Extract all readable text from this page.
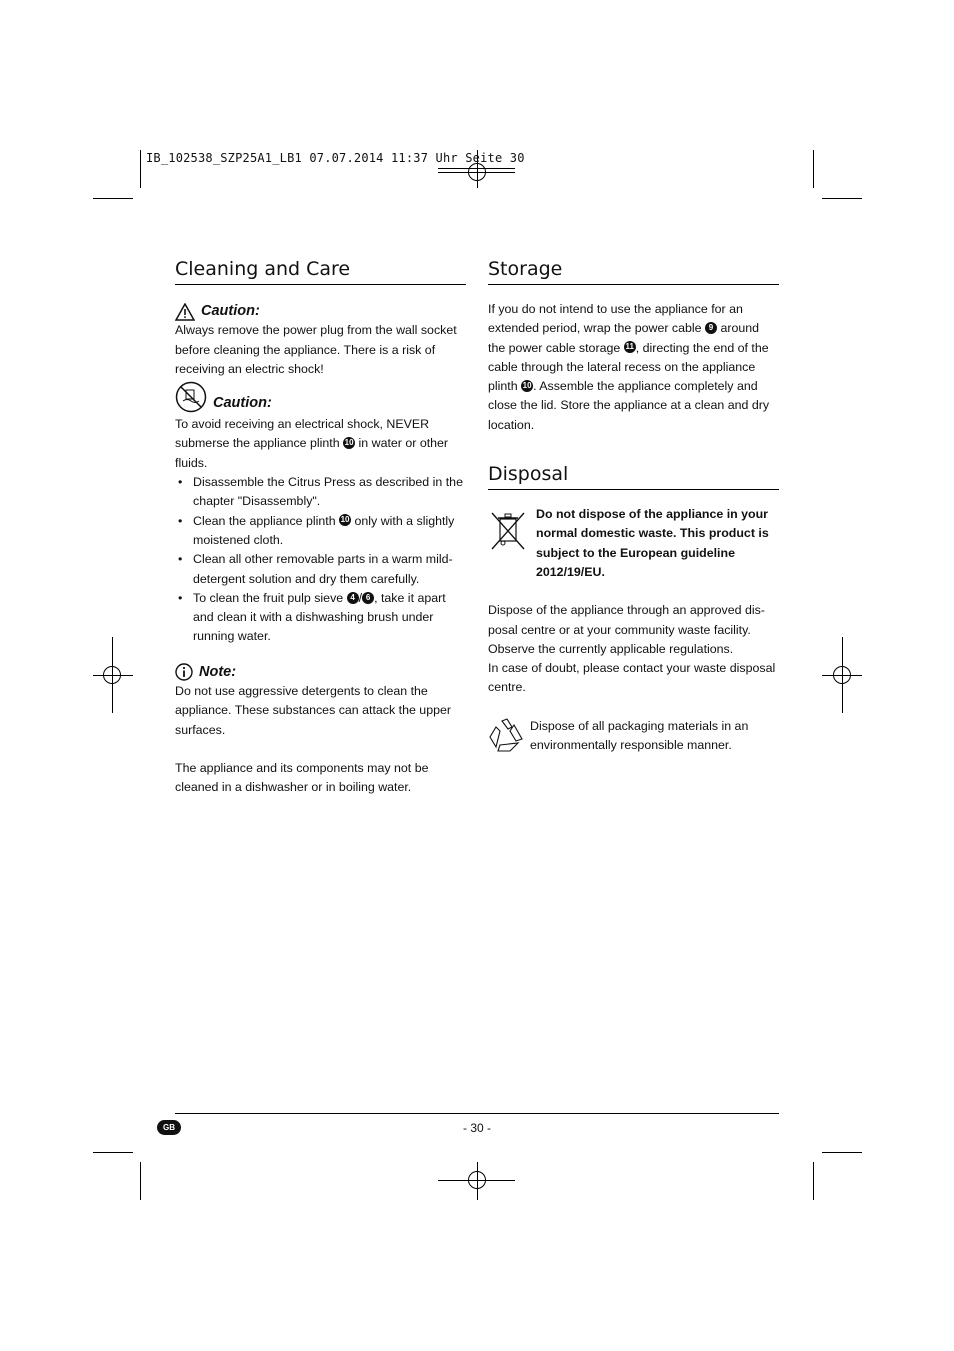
IB_102538_SZP25A1_LB1 07.07.2014 11:37 Uhr Seite 30
Cleaning and Care
Caution:

Always remove the power plug from the wall socket before cleaning the appliance. There is a risk of receiving an electric shock!

Caution:

To avoid receiving an electrical shock, NEVER submerse the appliance plinth 10 in water or other fluids.

• Disassemble the Citrus Press as described in the chapter "Disassembly".
• Clean the appliance plinth 10 only with a slightly moistened cloth.
• Clean all other removable parts in a warm mild-detergent solution and dry them carefully.
• To clean the fruit pulp sieve 4 / 6 , take it apart and clean it with a dishwashing brush under running water.
Note:

Do not use aggressive detergents to clean the appliance. These substances can attack the upper surfaces.

The appliance and its components may not be cleaned in a dishwasher or in boiling water.

Storage

If you do not intend to use the appliance for an extended period, wrap the power cable 9 around the power cable storage 11 , directing the end of the cable through the lateral recess on the appliance plinth 10 . Assemble the appliance completely and close the lid. Store the appliance at a clean and dry location.

Disposal

Do not dispose of the appliance in your normal domestic waste. This product is subject to the European guideline 2012/19/EU.

Dispose of the appliance through an approved dis-posal centre or at your community waste facility. Observe the currently applicable regulations.

In case of doubt, please contact your waste disposal centre.

Dispose of all packaging materials in an environmentally responsible manner.

GB	- 30 -
